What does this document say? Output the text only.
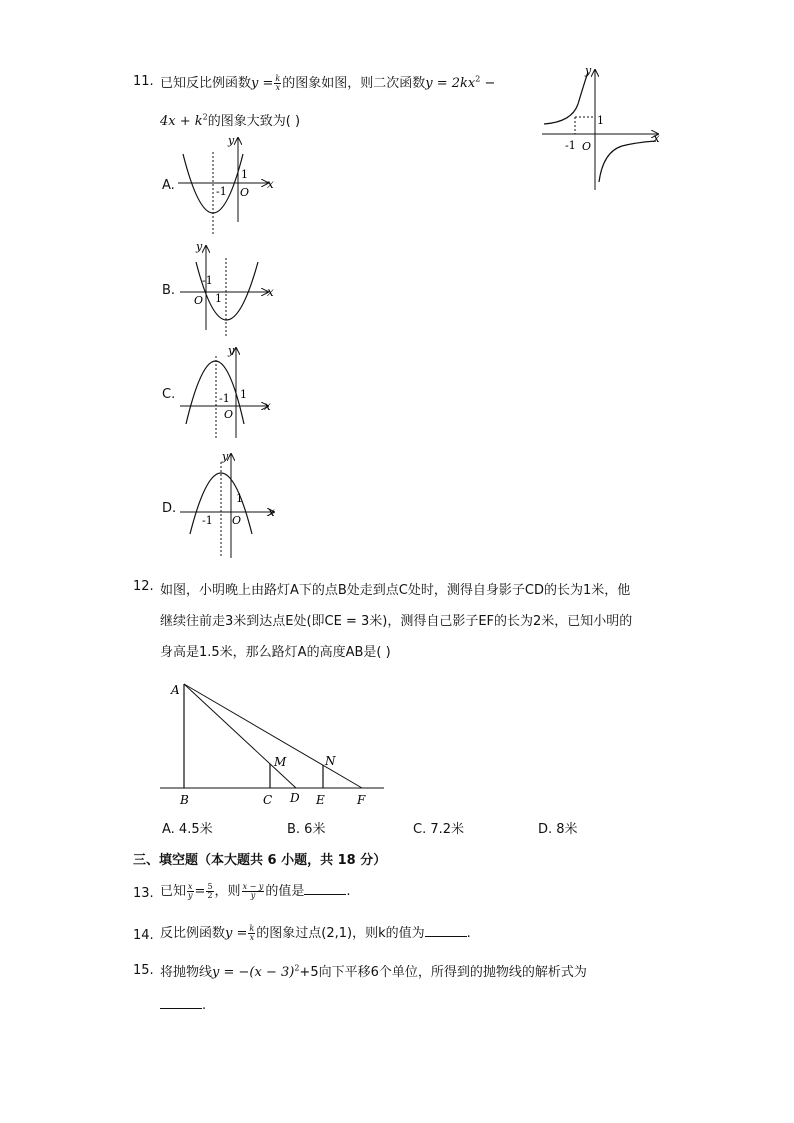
11. 已知反比例函数$y = \frac{k}{x}$ 的图象如图，则二次函数$y = 2kx^2$ −
$4x + k^2$的图象大致为( )
y
x
1
-1 O
A.
y
x
1
-1 O
B.
y
x
-1
1
O
C.
y
x
1
-1
O
D.
y
x
1
-1 O
12. 如图，小明晚上由路灯A下的点B处走到点C处时，测得自身影子CD的长为1米，他
继续往前走3米到达点E处(即CE = 3米)，测得自己影子EF的长为2米，已知小明的
身高是1.5米，那么路灯A的高度AB是( )
A
M	N
B	C D E	F
A. 4.5米	B. 6米	C. 7.2米	D. 8米
三、填空题（本大题共 6 小题，共 18 分）
13. 已知 $\frac{x}{y} = \frac{5}{2}$ ，则 $\frac{x - y}{y}$ 的值是	.
14. 反比例函数$y = \frac{k}{x}$ 的图象过点(2,1)，则k的值为	.
15. 将抛物线$y = -(x - 3)^2+5$向下平移6个单位，所得到的抛物线的解析式为
.
